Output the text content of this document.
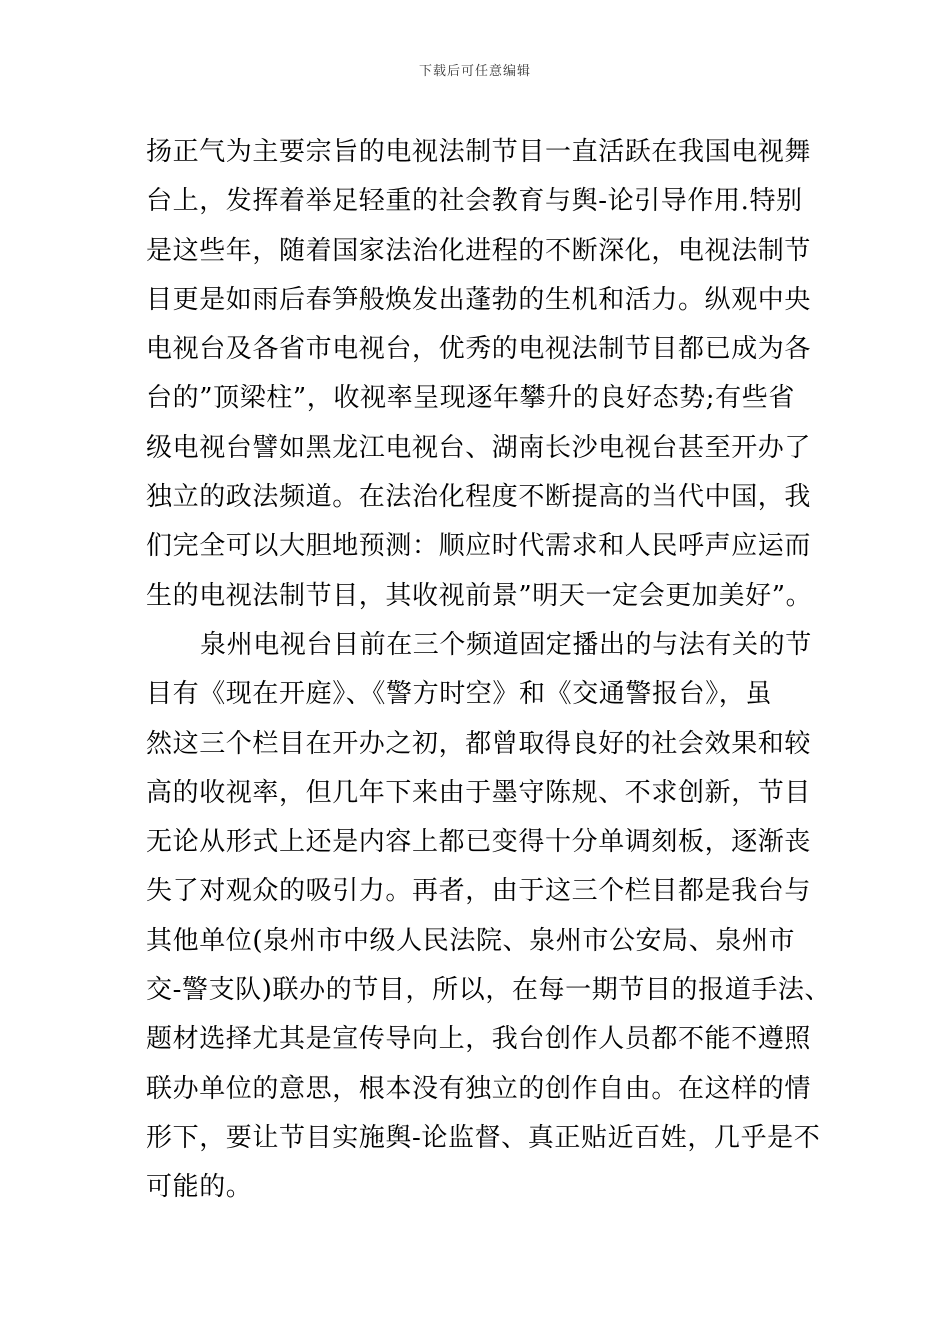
下载后可任意编辑
扬正气为主要宗旨的电视法制节目一直活跃在我国电视舞
台上，发挥着举足轻重的社会教育与舆-论引导作用.特别
是这些年，随着国家法治化进程的不断深化，电视法制节
目更是如雨后春笋般焕发出蓬勃的生机和活力。纵观中央
电视台及各省市电视台，优秀的电视法制节目都已成为各
台的”顶梁柱”，收视率呈现逐年攀升的良好态势;有些省
级电视台譬如黑龙江电视台、湖南长沙电视台甚至开办了
独立的政法频道。在法治化程度不断提高的当代中国，我
们完全可以大胆地预测：顺应时代需求和人民呼声应运而
生的电视法制节目，其收视前景”明天一定会更加美好”。
泉州电视台目前在三个频道固定播出的与法有关的节
目有《现在开庭》、《警方时空》和《交通警报台》，虽
然这三个栏目在开办之初，都曾取得良好的社会效果和较
高的收视率，但几年下来由于墨守陈规、不求创新，节目
无论从形式上还是内容上都已变得十分单调刻板，逐渐丧
失了对观众的吸引力。再者，由于这三个栏目都是我台与
其他单位(泉州市中级人民法院、泉州市公安局、泉州市
交-警支队)联办的节目，所以，在每一期节目的报道手法、
题材选择尤其是宣传导向上，我台创作人员都不能不遵照
联办单位的意思，根本没有独立的创作自由。在这样的情
形下，要让节目实施舆-论监督、真正贴近百姓，几乎是不
可能的。
